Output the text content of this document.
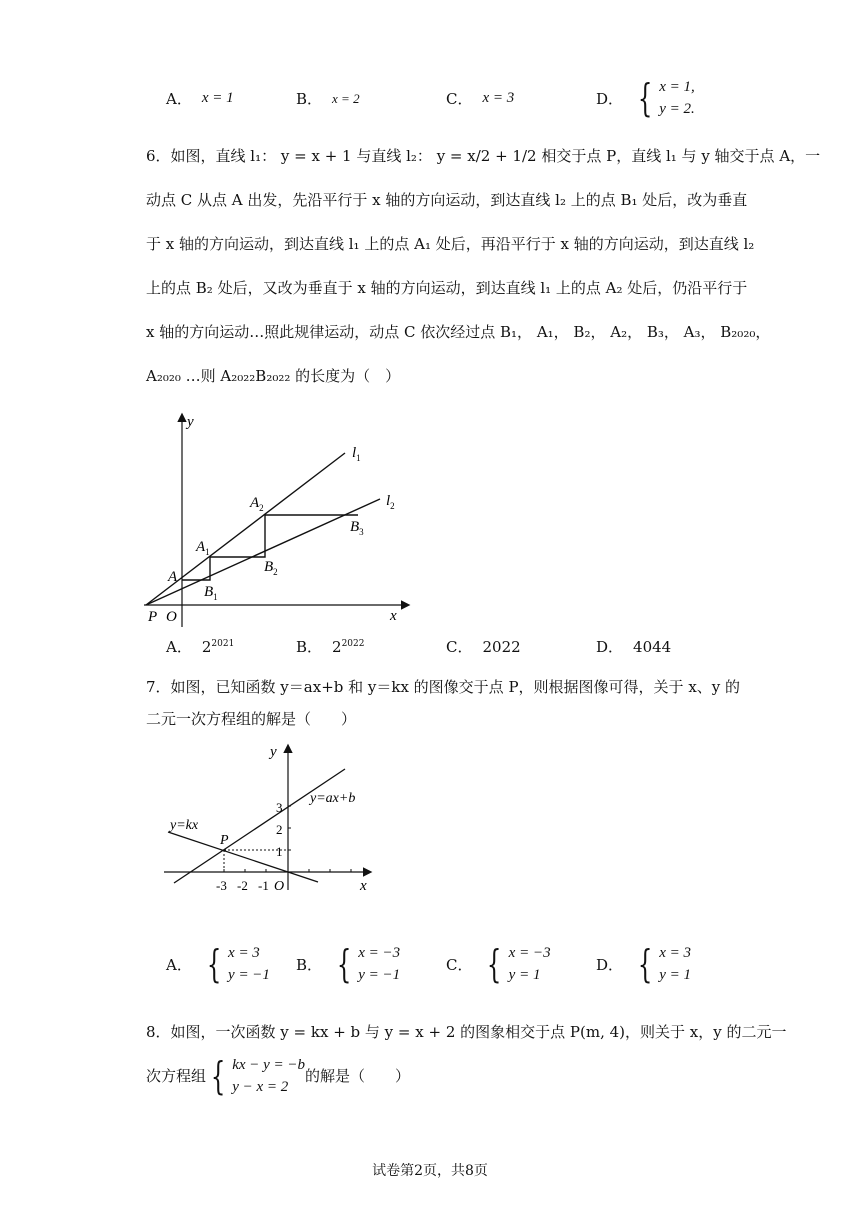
A． x = 1	B． x = 2	C． x = 3	D． { x = 1,
y = 2.
6．如图，直线 l₁： y = x + 1 与直线 l₂： y = x/2 + 1/2 相交于点 P，直线 l₁ 与 y 轴交于点 A，一
动点 C 从点 A 出发，先沿平行于 x 轴的方向运动，到达直线 l₂ 上的点 B₁ 处后，改为垂直
于 x 轴的方向运动，到达直线 l₁ 上的点 A₁ 处后，再沿平行于 x 轴的方向运动，到达直线 l₂
上的点 B₂ 处后，又改为垂直于 x 轴的方向运动，到达直线 l₁ 上的点 A₂ 处后，仍沿平行于
x 轴的方向运动…照此规律运动，动点 C 依次经过点 B₁， A₁， B₂， A₂， B₃， A₃， B₂₀₂₀，
A₂₀₂₀ …则 A₂₀₂₂B₂₀₂₂ 的长度为（　）
y
x
$l_1$
$l_2$
P O
A
$A_1$
$A_2$
$B_1$
$B_2$
$B_3$
A． $2^{2021}$	B． $2^{2022}$	C． 2022	D． 4044
7．如图，已知函数 y＝ax+b 和 y＝kx 的图像交于点 P，则根据图像可得，关于 x、y 的
二元一次方程组的解是（　　）
y
x
y=ax+b
y=kx
P
O
3
2
1
-3 -2 -1
A． { x = 3
y = −1
B． { x = −3
y = −1
C． { x = −3
y = 1
D． { x = 3
y = 1
8．如图，一次函数 y = kx + b 与 y = x + 2 的图象相交于点 P(m, 4)，则关于 x，y 的二元一
次方程组 { kx − y = −b
y − x = 2
的解是（　　）
试卷第2页，共8页
